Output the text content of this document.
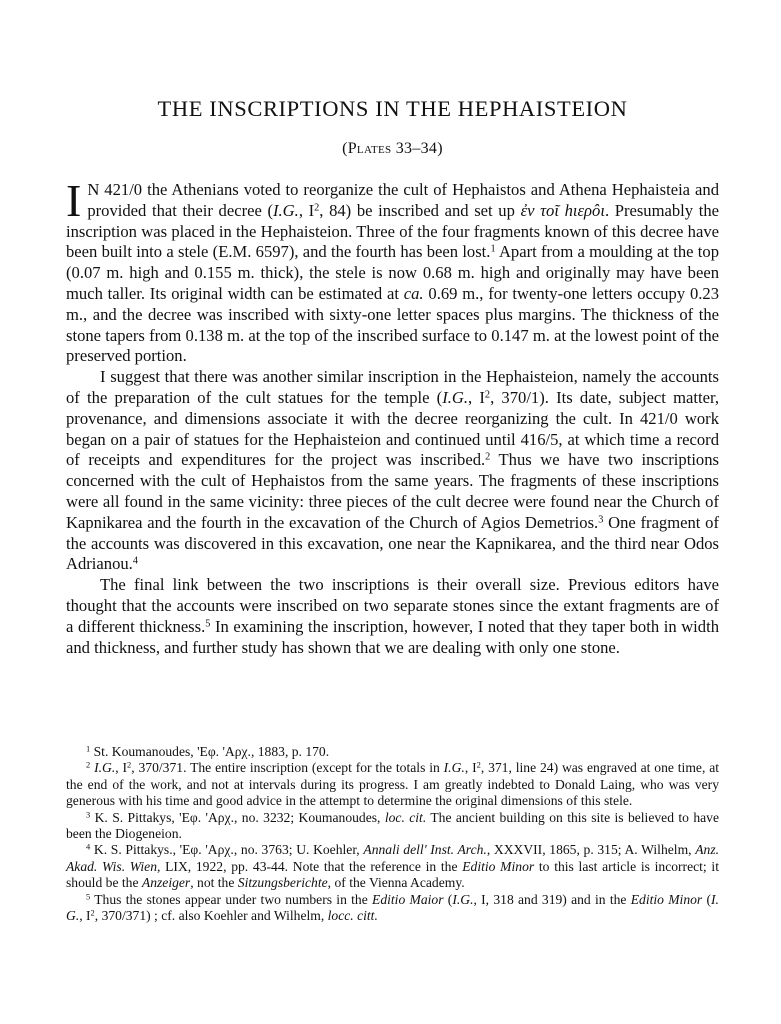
THE INSCRIPTIONS IN THE HEPHAISTEION
(Plates 33–34)

I N 421/0 the Athenians voted to reorganize the cult of Hephaistos and Athena Hephaisteia and provided that their decree (I.G., $I^2$, 84) be inscribed and set up ἐν τοῖ hιερôι. Presumably the inscription was placed in the Hephaisteion. Three of the four fragments known of this decree have been built into a stele (E.M. 6597), and the fourth has been lost.$^1$ Apart from a moulding at the top (0.07 m. high and 0.155 m. thick), the stele is now 0.68 m. high and originally may have been much taller. Its original width can be estimated at ca. 0.69 m., for twenty-one letters occupy 0.23 m., and the decree was inscribed with sixty-one letter spaces plus margins. The thickness of the stone tapers from 0.138 m. at the top of the inscribed surface to 0.147 m. at the lowest point of the preserved portion.

I suggest that there was another similar inscription in the Hephaisteion, namely the accounts of the preparation of the cult statues for the temple (I.G., $I^2$, 370/1). Its date, subject matter, provenance, and dimensions associate it with the decree reorganizing the cult. In 421/0 work began on a pair of statues for the Hephaisteion and continued until 416/5, at which time a record of receipts and expenditures for the project was inscribed.$^2$ Thus we have two inscriptions concerned with the cult of Hephaistos from the same years. The fragments of these inscriptions were all found in the same vicinity: three pieces of the cult decree were found near the Church of Kapnikarea and the fourth in the excavation of the Church of Agios Demetrios.$^3$ One fragment of the accounts was discovered in this excavation, one near the Kapnikarea, and the third near Odos Adrianou.$^4$

The final link between the two inscriptions is their overall size. Previous editors have thought that the accounts were inscribed on two separate stones since the extant fragments are of a different thickness.$^5$ In examining the inscription, however, I noted that they taper both in width and thickness, and further study has shown that we are dealing with only one stone.

$^1$ St. Koumanoudes, 'Εφ. 'Αρχ., 1883, p. 170.

$^2$ I.G., $I^2$, 370/371. The entire inscription (except for the totals in I.G., $I^2$, 371, line 24) was engraved at one time, at the end of the work, and not at intervals during its progress. I am greatly indebted to Donald Laing, who was very generous with his time and good advice in the attempt to determine the original dimensions of this stele.

$^3$ K. S. Pittakys, 'Εφ. 'Αρχ., no. 3232; Koumanoudes, loc. cit. The ancient building on this site is believed to have been the Diogeneion.

$^4$ K. S. Pittakys., 'Εφ. 'Αρχ., no. 3763; U. Koehler, Annali dell' Inst. Arch., XXXVII, 1865, p. 315; A. Wilhelm, Anz. Akad. Wis. Wien, LIX, 1922, pp. 43-44. Note that the reference in the Editio Minor to this last article is incorrect; it should be the Anzeiger, not the Sitzungsberichte, of the Vienna Academy.

$^5$ Thus the stones appear under two numbers in the Editio Maior (I.G., I, 318 and 319) and in the Editio Minor (I. G., $I^2$, 370/371) ; cf. also Koehler and Wilhelm, locc. citt.
